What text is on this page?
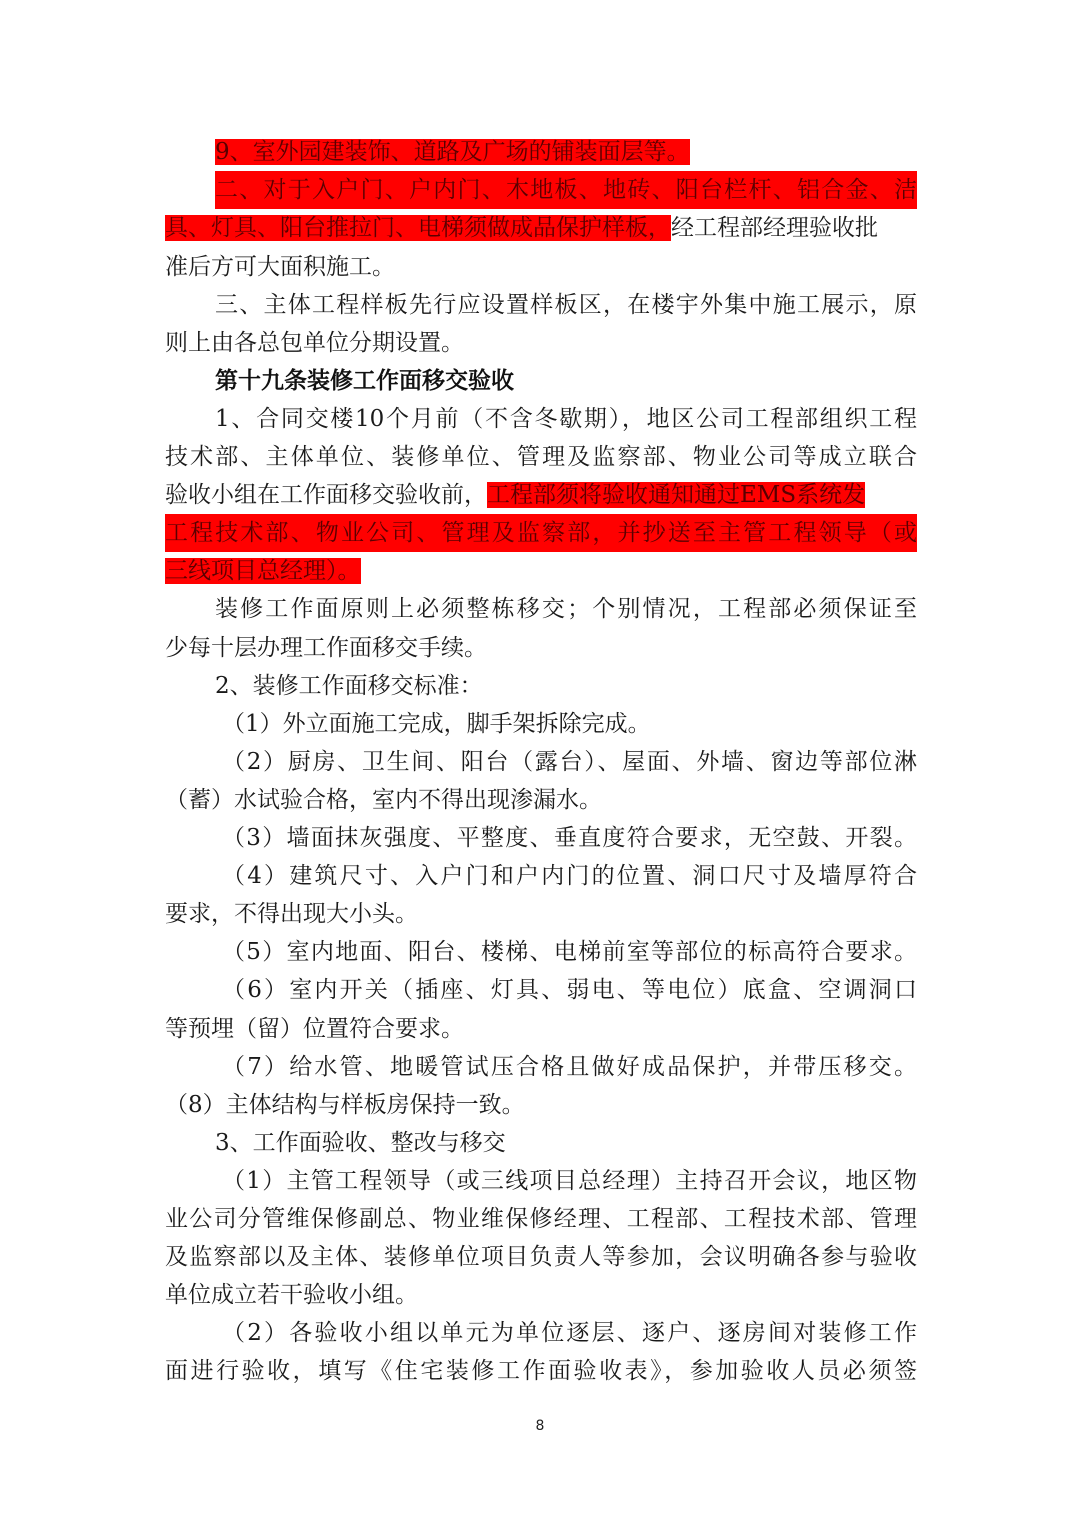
9、室外园建装饰、道路及广场的铺装面层等。
二、对于入户门、户内门、木地板、地砖、阳台栏杆、铝合金、洁
具、灯具、阳台推拉门、电梯须做成品保护样板，经工程部经理验收批
准后方可大面积施工。
三、主体工程样板先行应设置样板区，在楼宇外集中施工展示，原
则上由各总包单位分期设置。
第十九条装修工作面移交验收
1、合同交楼10个月前（不含冬歇期），地区公司工程部组织工程
技术部、主体单位、装修单位、管理及监察部、物业公司等成立联合
验收小组在工作面移交验收前，工程部须将验收通知通过EMS系统发
工程技术部、物业公司、管理及监察部，并抄送至主管工程领导（或
三线项目总经理）。
装修工作面原则上必须整栋移交；个别情况，工程部必须保证至
少每十层办理工作面移交手续。
2、装修工作面移交标准：
（1）外立面施工完成，脚手架拆除完成。
（2）厨房、卫生间、阳台（露台）、屋面、外墙、窗边等部位淋
（蓄）水试验合格，室内不得出现渗漏水。
（3）墙面抹灰强度、平整度、垂直度符合要求，无空鼓、开裂。
（4）建筑尺寸、入户门和户内门的位置、洞口尺寸及墙厚符合
要求，不得出现大小头。
（5）室内地面、阳台、楼梯、电梯前室等部位的标高符合要求。
（6）室内开关（插座、灯具、弱电、等电位）底盒、空调洞口
等预埋（留）位置符合要求。
（7）给水管、地暖管试压合格且做好成品保护，并带压移交。
（8）主体结构与样板房保持一致。
3、工作面验收、整改与移交
（1）主管工程领导（或三线项目总经理）主持召开会议，地区物
业公司分管维保修副总、物业维保修经理、工程部、工程技术部、管理
及监察部以及主体、装修单位项目负责人等参加，会议明确各参与验收
单位成立若干验收小组。
（2）各验收小组以单元为单位逐层、逐户、逐房间对装修工作
面进行验收，填写《住宅装修工作面验收表》，参加验收人员必须签
8
